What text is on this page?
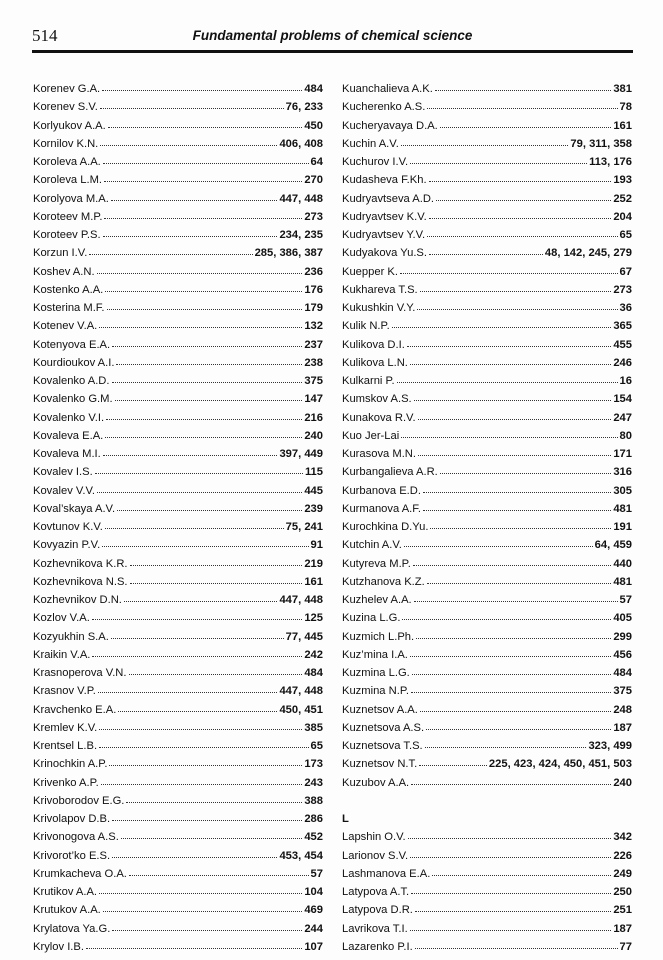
514	Fundamental problems of chemical science
Korenev G.A.	484
Korenev S.V.	76, 233
Korlyukov A.A.	450
Kornilov K.N.	406, 408
Koroleva A.A.	64
Koroleva L.M.	270
Korolyova M.A.	447, 448
Koroteev M.P.	273
Koroteev P.S.	234, 235
Korzun I.V.	285, 386, 387
Koshev A.N.	236
Kostenko A.A.	176
Kosterina M.F.	179
Kotenev V.A.	132
Kotenyova E.A.	237
Kourdioukov A.I.	238
Kovalenko A.D.	375
Kovalenko G.M.	147
Kovalenko V.I.	216
Kovaleva E.A.	240
Kovaleva M.I.	397, 449
Kovalev I.S.	115
Kovalev V.V.	445
Koval’skaya A.V.	239
Kovtunov K.V.	75, 241
Kovyazin P.V.	91
Kozhevnikova K.R.	219
Kozhevnikova N.S.	161
Kozhevnikov D.N.	447, 448
Kozlov V.A.	125
Kozyukhin S.A.	77, 445
Kraikin V.A.	242
Krasnoperova V.N.	484
Krasnov V.P.	447, 448
Kravchenko E.A.	450, 451
Kremlev K.V.	385
Krentsel L.B.	65
Krinochkin A.P.	173
Krivenko A.P.	243
Krivoborodov E.G.	388
Krivolapov D.B.	286
Krivonogova A.S.	452
Krivorot’ko E.S.	453, 454
Krumkacheva O.A.	57
Krutikov A.A.	104
Krutukov A.A.	469
Krylatova Ya.G.	244
Krylov I.B.	107
Kuanchalieva A.K.	381
Kucherenko A.S.	78
Kucheryavaya D.A.	161
Kuchin A.V.	79, 311, 358
Kuchurov I.V.	113, 176
Kudasheva F.Kh.	193
Kudryavtseva A.D.	252
Kudryavtsev K.V.	204
Kudryavtsev Y.V.	65
Kudyakova Yu.S.	48, 142, 245, 279
Kuepper K.	67
Kukhareva T.S.	273
Kukushkin V.Y.	36
Kulik N.P.	365
Kulikova D.I.	455
Kulikova L.N.	246
Kulkarni P.	16
Kumskov A.S.	154
Kunakova R.V.	247
Kuo Jer-Lai	80
Kurasova M.N.	171
Kurbangalieva A.R.	316
Kurbanova E.D.	305
Kurmanova A.F.	481
Kurochkina D.Yu.	191
Kutchin A.V.	64, 459
Kutyreva M.P.	440
Kutzhanova K.Z.	481
Kuzhelev A.A.	57
Kuzina L.G.	405
Kuzmich L.Ph.	299
Kuz’mina I.A.	456
Kuzmina L.G.	484
Kuzmina N.P.	375
Kuznetsov A.A.	248
Kuznetsova A.S.	187
Kuznetsova T.S.	323, 499
Kuznetsov N.T.	225, 423, 424, 450, 451, 503
Kuzubov A.A.	240
L
Lapshin O.V.	342
Larionov S.V.	226
Lashmanova E.A.	249
Latypova A.T.	250
Latypova D.R.	251
Lavrikova T.I.	187
Lazarenko P.I.	77
